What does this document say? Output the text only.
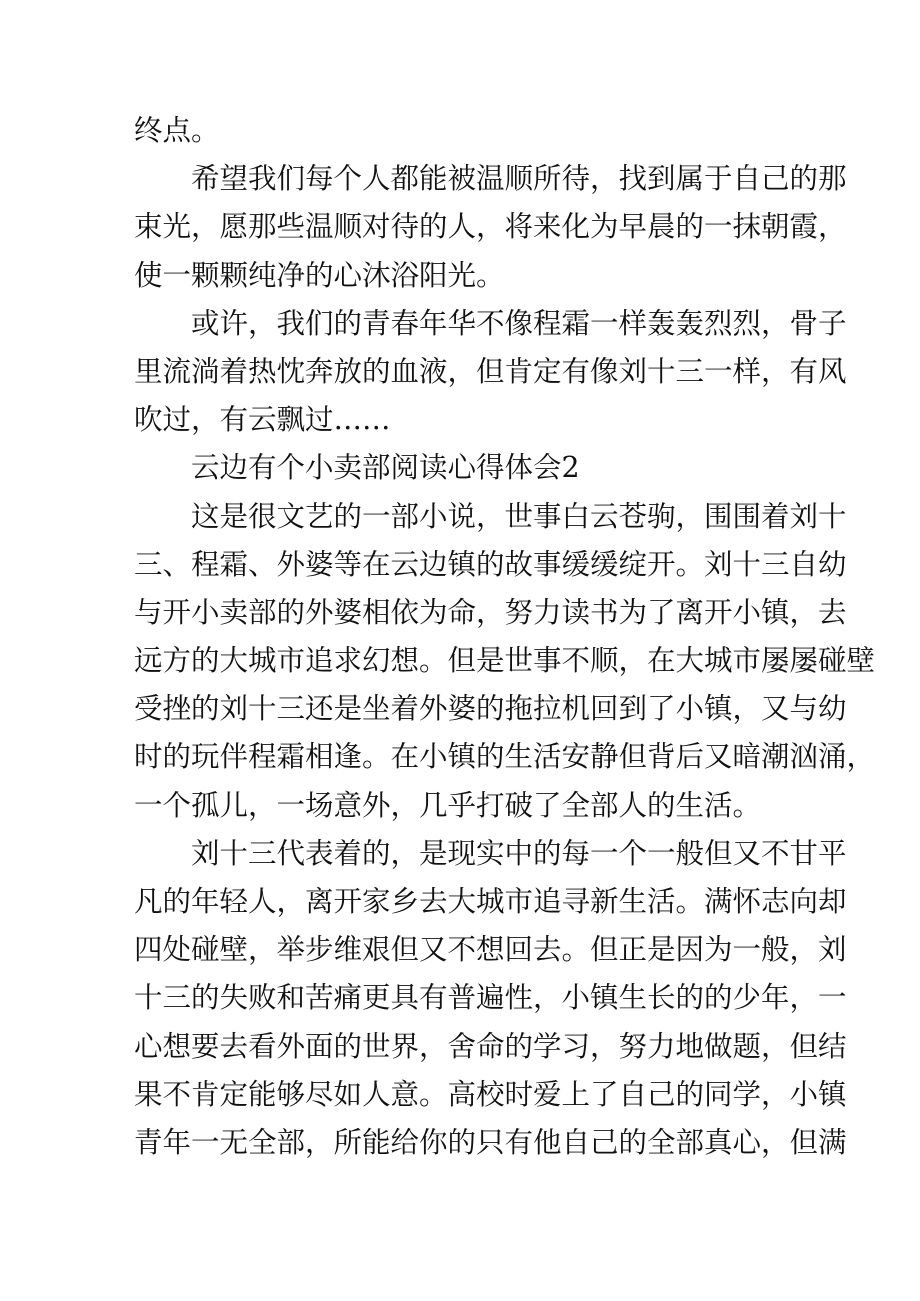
终点。
希望我们每个人都能被温顺所待，找到属于自己的那
束光，愿那些温顺对待的人，将来化为早晨的一抹朝霞，
使一颗颗纯净的心沐浴阳光。
或许，我们的青春年华不像程霜一样轰轰烈烈，骨子
里流淌着热忱奔放的血液，但肯定有像刘十三一样，有风
吹过，有云飘过……
云边有个小卖部阅读心得体会2
这是很文艺的一部小说，世事白云苍驹，围围着刘十
三、程霜、外婆等在云边镇的故事缓缓绽开。刘十三自幼
与开小卖部的外婆相依为命，努力读书为了离开小镇，去
远方的大城市追求幻想。但是世事不顺，在大城市屡屡碰壁
受挫的刘十三还是坐着外婆的拖拉机回到了小镇，又与幼
时的玩伴程霜相逢。在小镇的生活安静但背后又暗潮汹涌，
一个孤儿，一场意外，几乎打破了全部人的生活。
刘十三代表着的，是现实中的每一个一般但又不甘平
凡的年轻人，离开家乡去大城市追寻新生活。满怀志向却
四处碰壁，举步维艰但又不想回去。但正是因为一般，刘
十三的失败和苦痛更具有普遍性，小镇生长的的少年，一
心想要去看外面的世界，舍命的学习，努力地做题，但结
果不肯定能够尽如人意。高校时爱上了自己的同学，小镇
青年一无全部，所能给你的只有他自己的全部真心，但满
